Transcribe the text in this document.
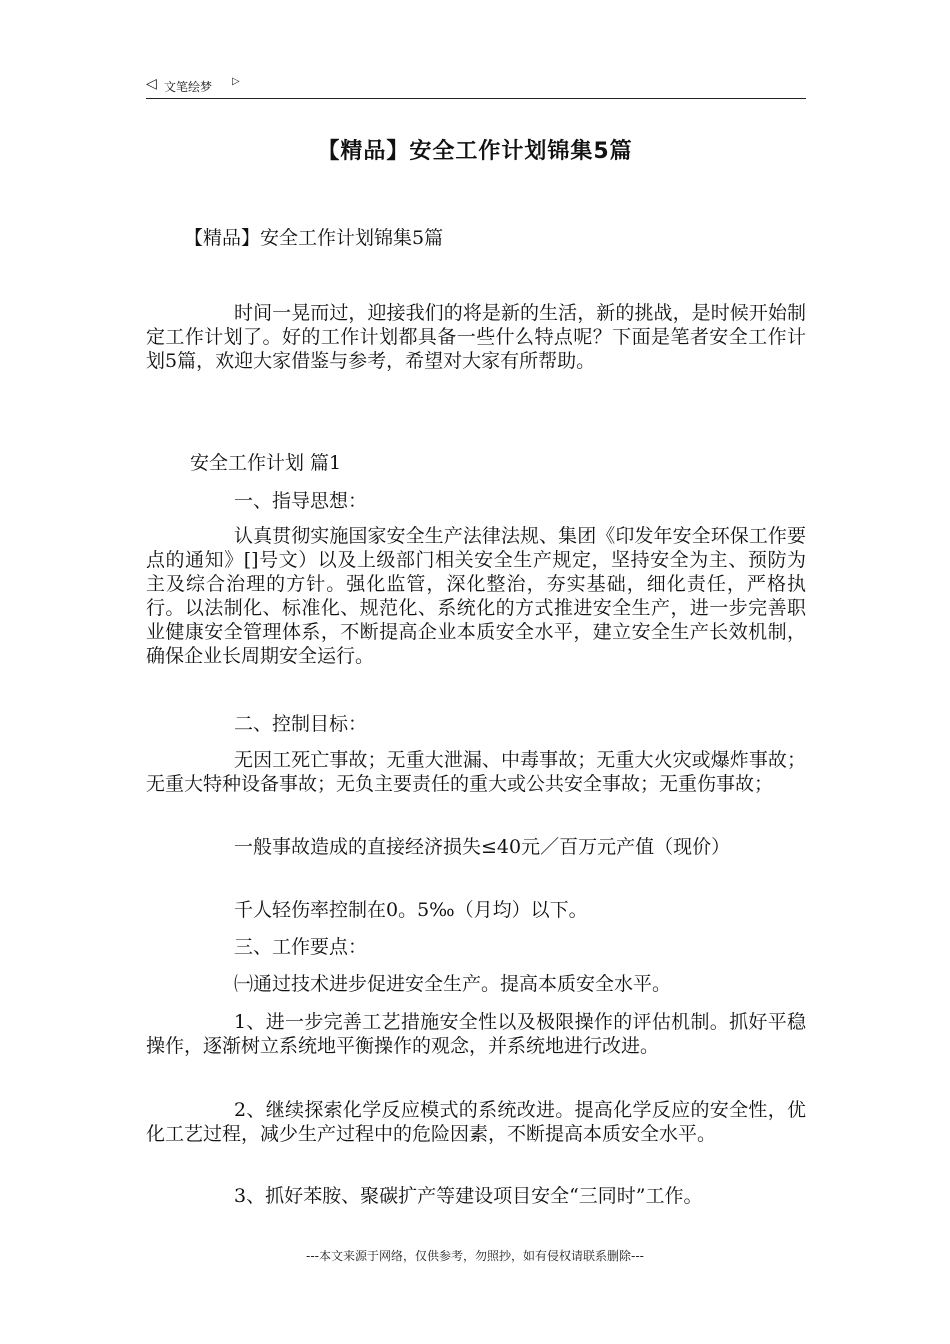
◁ 文笔绘梦 ▷
【精品】安全工作计划锦集5篇

【精品】安全工作计划锦集5篇

时间一晃而过，迎接我们的将是新的生活，新的挑战，是时候开始制定工作计划了。好的工作计划都具备一些什么特点呢？下面是笔者安全工作计划5篇，欢迎大家借鉴与参考，希望对大家有所帮助。

安全工作计划 篇1

一、指导思想：

认真贯彻实施国家安全生产法律法规、集团《印发年安全环保工作要点的通知》[]号文）以及上级部门相关安全生产规定，坚持安全为主、预防为主及综合治理的方针。强化监管，深化整治，夯实基础，细化责任，严格执行。以法制化、标准化、规范化、系统化的方式推进安全生产，进一步完善职业健康安全管理体系，不断提高企业本质安全水平，建立安全生产长效机制，确保企业长周期安全运行。

二、控制目标：

无因工死亡事故；无重大泄漏、中毒事故；无重大火灾或爆炸事故；无重大特种设备事故；无负主要责任的重大或公共安全事故；无重伤事故；

一般事故造成的直接经济损失≤40元／百万元产值（现价）

千人轻伤率控制在0。5‰（月均）以下。

三、工作要点：

㈠通过技术进步促进安全生产。提高本质安全水平。

1、进一步完善工艺措施安全性以及极限操作的评估机制。抓好平稳操作，逐渐树立系统地平衡操作的观念，并系统地进行改进。

2、继续探索化学反应模式的系统改进。提高化学反应的安全性，优化工艺过程，减少生产过程中的危险因素，不断提高本质安全水平。

3、抓好苯胺、聚碳扩产等建设项目安全“三同时”工作。

---本文来源于网络，仅供参考，勿照抄，如有侵权请联系删除---
